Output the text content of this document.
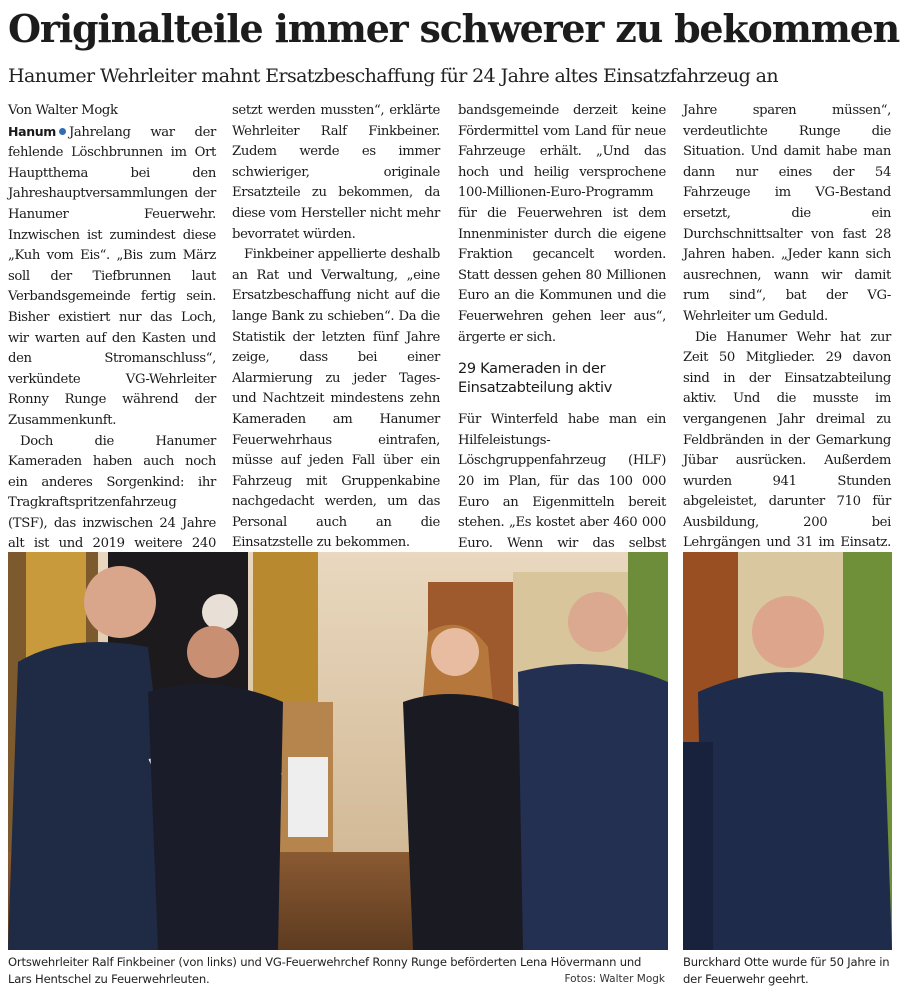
Originalteile immer schwerer zu bekommen
Hanumer Wehrleiter mahnt Ersatzbeschaffung für 24 Jahre altes Einsatzfahrzeug an

Von Walter Mogk

Hanum Jahrelang war der fehlende Löschbrunnen im Ort Hauptthema bei den Jahreshauptversammlungen der Hanumer Feuerwehr. Inzwischen ist zumindest diese „Kuh vom Eis“. „Bis zum März soll der Tiefbrunnen laut Verbandsgemeinde fertig sein. Bisher existiert nur das Loch, wir warten auf den Kasten und den Stromanschluss“, verkündete VG-Wehrleiter Ronny Runge während der Zusammenkunft.

Doch die Hanumer Kameraden haben auch noch ein anderes Sorgenkind: ihr Tragkraftspritzenfahrzeug (TSF), das inzwischen 24 Jahre alt ist und 2019 weitere 240

setzt werden mussten“, erklärte Wehrleiter Ralf Finkbeiner. Zudem werde es immer schwieriger, originale Ersatzteile zu bekommen, da diese vom Hersteller nicht mehr bevorratet würden.

Finkbeiner appellierte deshalb an Rat und Verwaltung, „eine Ersatzbeschaffung nicht auf die lange Bank zu schieben“. Da die Statistik der letzten fünf Jahre zeige, dass bei einer Alarmierung zu jeder Tages- und Nachtzeit mindestens zehn Kameraden am Hanumer Feuerwehrhaus eintrafen, müsse auf jeden Fall über ein Fahrzeug mit Gruppenkabine nachgedacht werden, um das Personal auch an die Einsatzstelle zu bekommen.

bandsgemeinde derzeit keine Fördermittel vom Land für neue Fahrzeuge erhält. „Und das hoch und heilig versprochene 100-Millionen-Euro-Programm für die Feuerwehren ist dem Innenminister durch die eigene Fraktion gecancelt worden. Statt dessen gehen 80 Millionen Euro an die Kommunen und die Feuerwehren gehen leer aus“, ärgerte er sich.

29 Kameraden in der Einsatzabteilung aktiv

Für Winterfeld habe man ein Hilfeleistungs-Löschgruppenfahrzeug (HLF) 20 im Plan, für das 100 000 Euro an Eigenmitteln bereit stehen. „Es kostet aber 460 000 Euro. Wenn wir das selbst

Jahre sparen müssen“, verdeutlichte Runge die Situation. Und damit habe man dann nur eines der 54 Fahrzeuge im VG-Bestand ersetzt, die ein Durchschnittsalter von fast 28 Jahren haben. „Jeder kann sich ausrechnen, wann wir damit rum sind“, bat der VG-Wehrleiter um Geduld.

Die Hanumer Wehr hat zur Zeit 50 Mitglieder. 29 davon sind in der Einsatzabteilung aktiv. Und die musste im vergangenen Jahr dreimal zu Feldbränden in der Gemarkung Jübar ausrücken. Außerdem wurden 941 Stunden abgeleistet, darunter 710 für Ausbildung, 200 bei Lehrgängen und 31 im Einsatz.

Ortswehrleiter Ralf Finkbeiner (von links) und VG-Feuerwehrchef Ronny Runge beförderten Lena Hövermann und Lars Hentschel zu Feuerwehrleuten.	Fotos: Walter Mogk
Burckhard Otte wurde für 50 Jahre in der Feuerwehr geehrt.
